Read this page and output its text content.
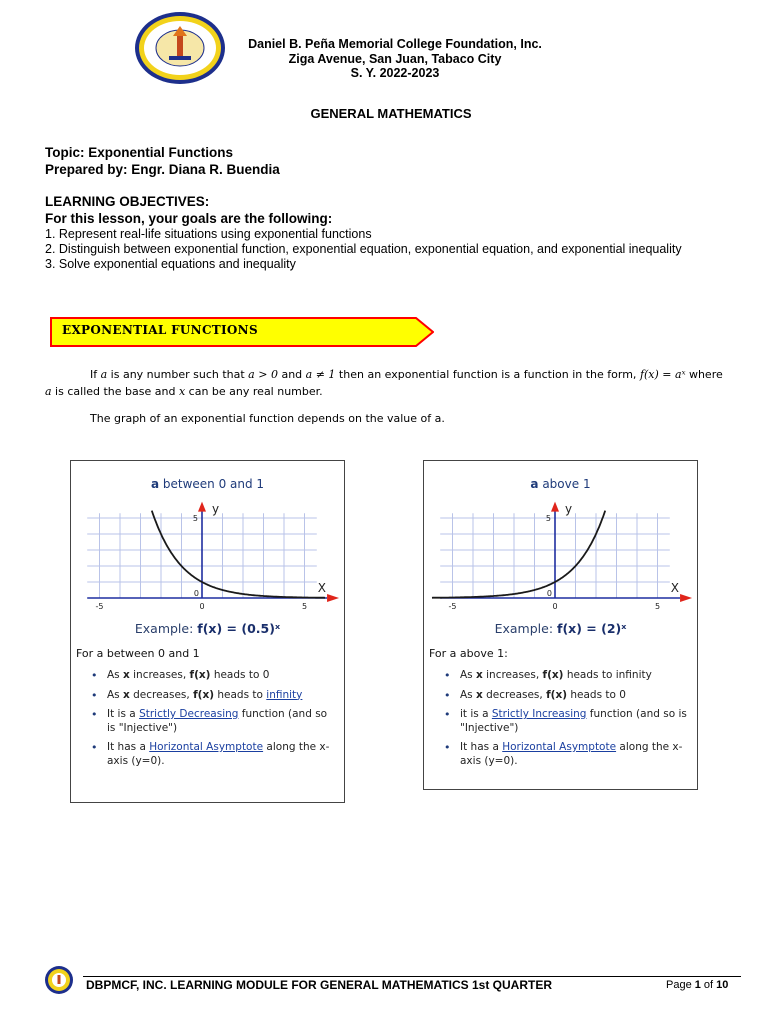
Daniel B. Peña Memorial College Foundation, Inc.
Ziga Avenue, San Juan, Tabaco City
S. Y. 2022-2023
GENERAL MATHEMATICS
Topic: Exponential Functions
Prepared by: Engr. Diana R. Buendia
LEARNING OBJECTIVES:
For this lesson, your goals are the following:
1. Represent real-life situations using exponential functions
2. Distinguish between exponential function, exponential equation, exponential equation, and exponential inequality
3. Solve exponential equations and inequality
EXPONENTIAL FUNCTIONS

If a is any number such that a > 0 and a ≠ 1 then an exponential function is a function in the form, f(x) = aˣ where a is called the base and x can be any real number.

The graph of an exponential function depends on the value of a.

a between 0 and 1
X
y
-5	5
5
0
0
Example: f(x) = (0.5)ˣ
For a between 0 and 1
• As x increases, f(x) heads to 0
• As x decreases, f(x) heads to infinity
• It is a Strictly Decreasing function (and so is "Injective")
• It has a Horizontal Asymptote along the x-axis (y=0).
a above 1
X
y
-5	5
5
0
0
Example: f(x) = (2)ˣ
For a above 1:
• As x increases, f(x) heads to infinity
• As x decreases, f(x) heads to 0
• it is a Strictly Increasing function (and so is "Injective")
• It has a Horizontal Asymptote along the x-axis (y=0).
DBPMCF, INC. LEARNING MODULE FOR GENERAL MATHEMATICS 1st QUARTER	Page 1 of 10
